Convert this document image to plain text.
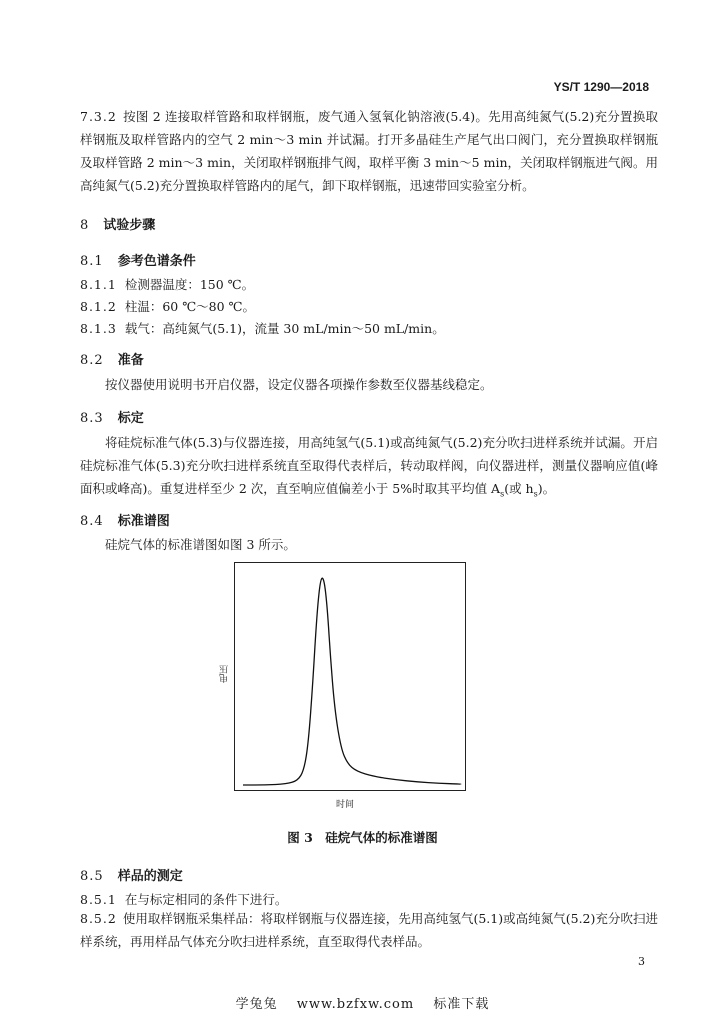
YS/T 1290—2018
7.3.2 按图 2 连接取样管路和取样钢瓶，废气通入氢氧化钠溶液(5.4)。先用高纯氮气(5.2)充分置换取样钢瓶及取样管路内的空气 2 min～3 min 并试漏。打开多晶硅生产尾气出口阀门，充分置换取样钢瓶及取样管路 2 min～3 min，关闭取样钢瓶排气阀，取样平衡 3 min～5 min，关闭取样钢瓶进气阀。用高纯氮气(5.2)充分置换取样管路内的尾气，卸下取样钢瓶，迅速带回实验室分析。
8 试验步骤
8.1 参考色谱条件
8.1.1 检测器温度：150 ℃。
8.1.2 柱温：60 ℃～80 ℃。
8.1.3 载气：高纯氮气(5.1)，流量 30 mL/min～50 mL/min。
8.2 准备
按仪器使用说明书开启仪器，设定仪器各项操作参数至仪器基线稳定。
8.3 标定
将硅烷标准气体(5.3)与仪器连接，用高纯氢气(5.1)或高纯氮气(5.2)充分吹扫进样系统并试漏。开启硅烷标准气体(5.3)充分吹扫进样系统直至取得代表样后，转动取样阀，向仪器进样，测量仪器响应值(峰面积或峰高)。重复进样至少 2 次，直至响应值偏差小于 5%时取其平均值 $A_s$(或 $h_s$)。
8.4 标准谱图
硅烷气体的标准谱图如图 3 所示。
电压
时间
图 3　硅烷气体的标准谱图
8.5 样品的测定
8.5.1 在与标定相同的条件下进行。
8.5.2 使用取样钢瓶采集样品：将取样钢瓶与仪器连接，先用高纯氢气(5.1)或高纯氮气(5.2)充分吹扫进样系统，再用样品气体充分吹扫进样系统，直至取得代表样品。
3
学兔兔　 www.bzfxw.com　 标准下载
